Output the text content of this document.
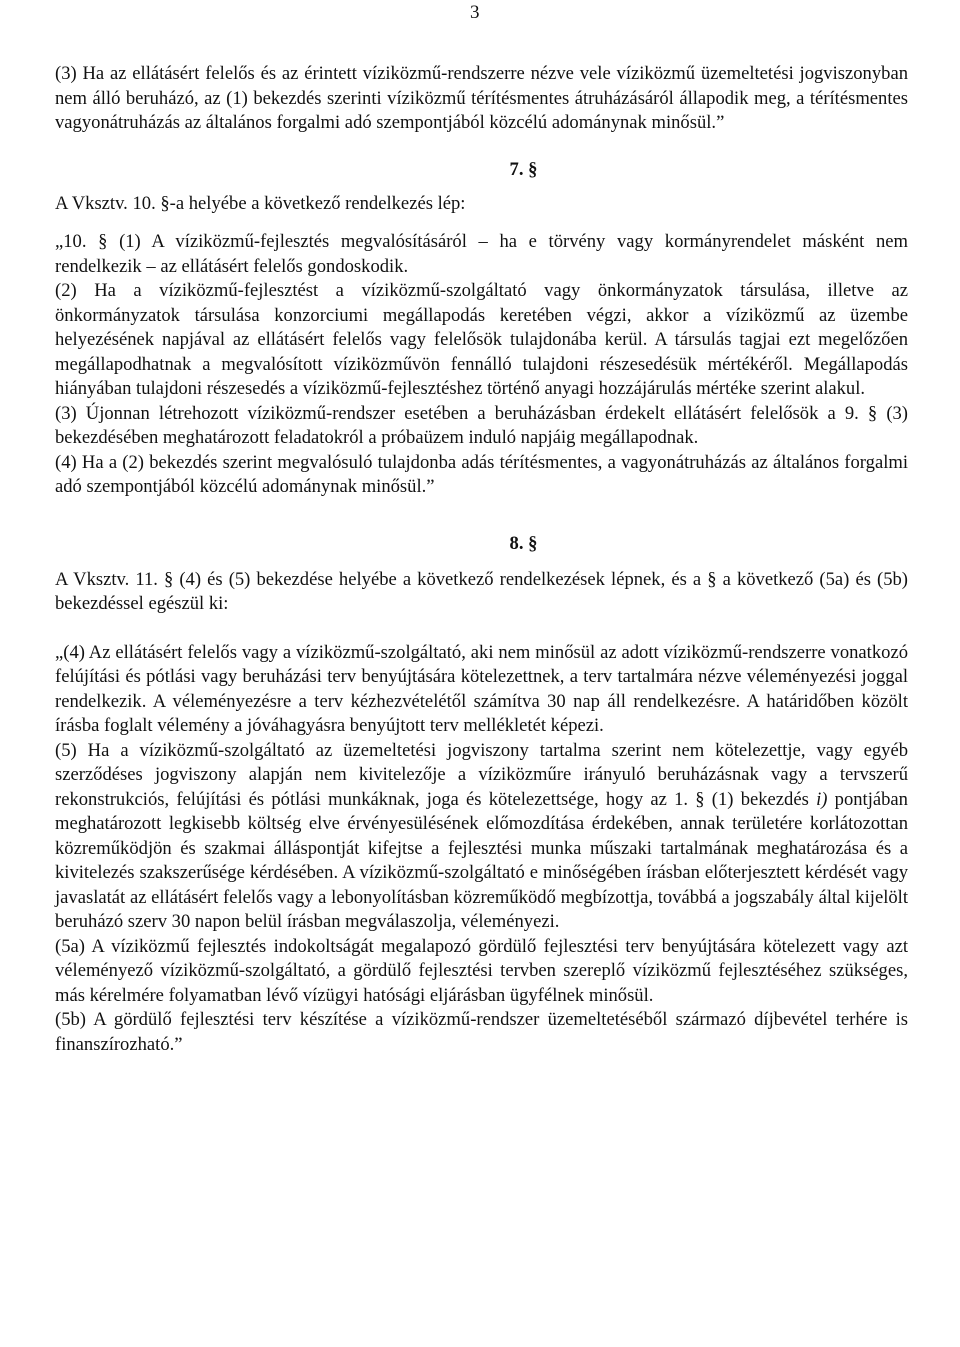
3

(3) Ha az ellátásért felelős és az érintett víziközmű-rendszerre nézve vele víziközmű üzemeltetési jogviszonyban nem álló beruházó, az (1) bekezdés szerinti víziközmű térítésmentes átruházásáról állapodik meg, a térítésmentes vagyonátruházás az általános forgalmi adó szempontjából közcélú adománynak minősül.”

7. §

A Vksztv. 10. §-a helyébe a következő rendelkezés lép:

„10. § (1) A víziközmű-fejlesztés megvalósításáról – ha e törvény vagy kormányrendelet másként nem rendelkezik – az ellátásért felelős gondoskodik.

(2) Ha a víziközmű-fejlesztést a víziközmű-szolgáltató vagy önkormányzatok társulása, illetve az önkormányzatok társulása konzorciumi megállapodás keretében végzi, akkor a víziközmű az üzembe helyezésének napjával az ellátásért felelős vagy felelősök tulajdonába kerül. A társulás tagjai ezt megelőzően megállapodhatnak a megvalósított víziközművön fennálló tulajdoni részesedésük mértékéről. Megállapodás hiányában tulajdoni részesedés a víziközmű-fejlesztéshez történő anyagi hozzájárulás mértéke szerint alakul.

(3) Újonnan létrehozott víziközmű-rendszer esetében a beruházásban érdekelt ellátásért felelősök a 9. § (3) bekezdésében meghatározott feladatokról a próbaüzem induló napjáig megállapodnak.

(4) Ha a (2) bekezdés szerint megvalósuló tulajdonba adás térítésmentes, a vagyonátruházás az általános forgalmi adó szempontjából közcélú adománynak minősül.”

8. §

A Vksztv. 11. § (4) és (5) bekezdése helyébe a következő rendelkezések lépnek, és a § a következő (5a) és (5b) bekezdéssel egészül ki:

„(4) Az ellátásért felelős vagy a víziközmű-szolgáltató, aki nem minősül az adott víziközmű-rendszerre vonatkozó felújítási és pótlási vagy beruházási terv benyújtására kötelezettnek, a terv tartalmára nézve véleményezési joggal rendelkezik. A véleményezésre a terv kézhezvételétől számítva 30 nap áll rendelkezésre. A határidőben közölt írásba foglalt vélemény a jóváhagyásra benyújtott terv mellékletét képezi.

(5) Ha a víziközmű-szolgáltató az üzemeltetési jogviszony tartalma szerint nem kötelezettje, vagy egyéb szerződéses jogviszony alapján nem kivitelezője a víziközműre irányuló beruházásnak vagy a tervszerű rekonstrukciós, felújítási és pótlási munkáknak, joga és kötelezettsége, hogy az 1. § (1) bekezdés i) pontjában meghatározott legkisebb költség elve érvényesülésének előmozdítása érdekében, annak területére korlátozottan közreműködjön és szakmai álláspontját kifejtse a fejlesztési munka műszaki tartalmának meghatározása és a kivitelezés szakszerűsége kérdésében. A víziközmű-szolgáltató e minőségében írásban előterjesztett kérdését vagy javaslatát az ellátásért felelős vagy a lebonyolításban közreműködő megbízottja, továbbá a jogszabály által kijelölt beruházó szerv 30 napon belül írásban megválaszolja, véleményezi.

(5a) A víziközmű fejlesztés indokoltságát megalapozó gördülő fejlesztési terv benyújtására kötelezett vagy azt véleményező víziközmű-szolgáltató, a gördülő fejlesztési tervben szereplő víziközmű fejlesztéséhez szükséges, más kérelmére folyamatban lévő vízügyi hatósági eljárásban ügyfélnek minősül.

(5b) A gördülő fejlesztési terv készítése a víziközmű-rendszer üzemeltetéséből származó díjbevétel terhére is finanszírozható.”
